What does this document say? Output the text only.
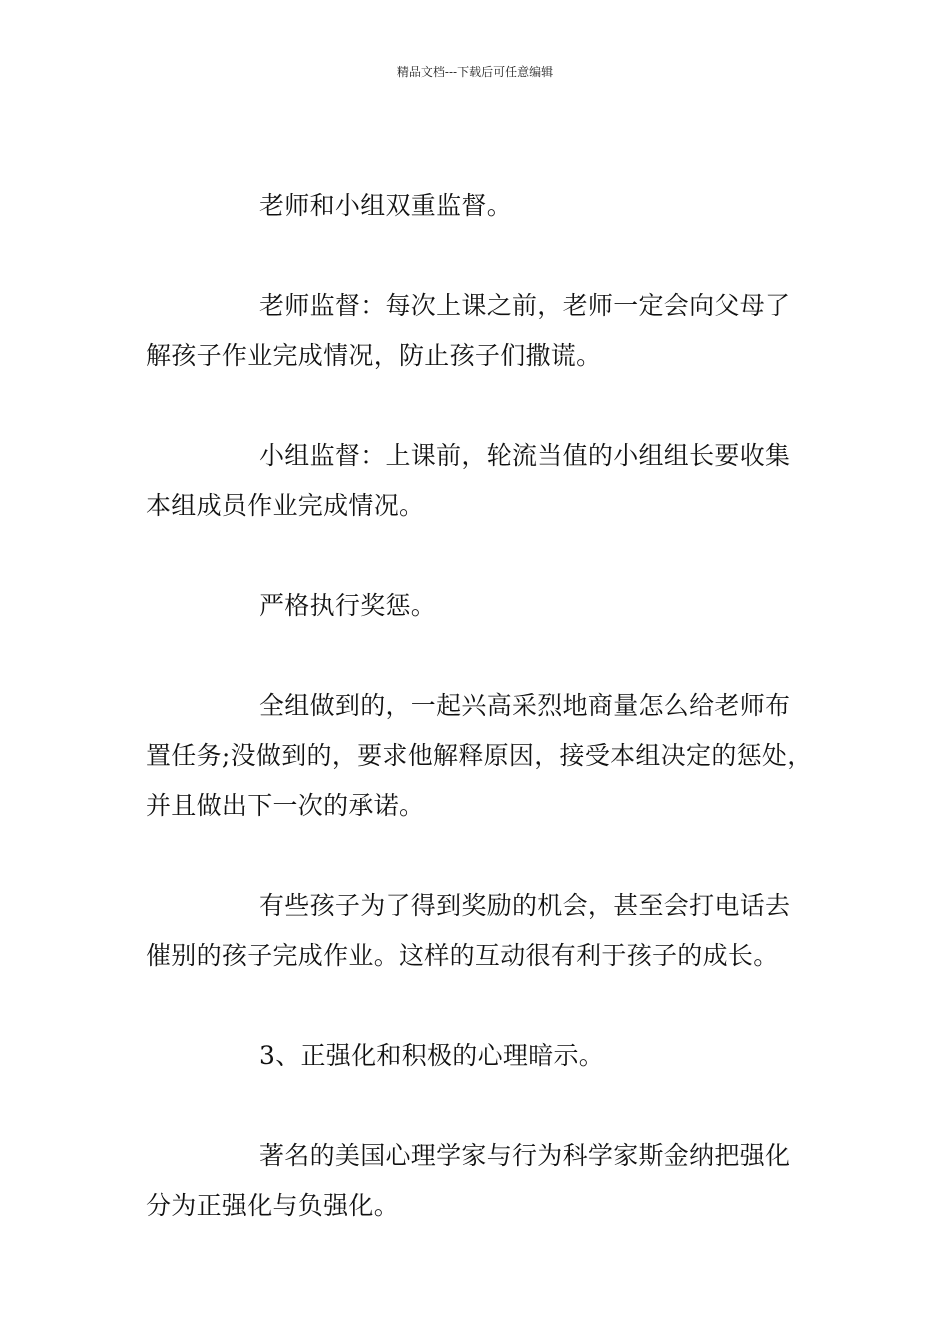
精品文档---下载后可任意编辑

老师和小组双重监督。

老师监督：每次上课之前，老师一定会向父母了
解孩子作业完成情况，防止孩子们撒谎。

小组监督：上课前，轮流当值的小组组长要收集
本组成员作业完成情况。

严格执行奖惩。

全组做到的，一起兴高采烈地商量怎么给老师布
置任务;没做到的，要求他解释原因，接受本组决定的惩处，
并且做出下一次的承诺。

有些孩子为了得到奖励的机会，甚至会打电话去
催别的孩子完成作业。这样的互动很有利于孩子的成长。

3、正强化和积极的心理暗示。

著名的美国心理学家与行为科学家斯金纳把强化
分为正强化与负强化。
